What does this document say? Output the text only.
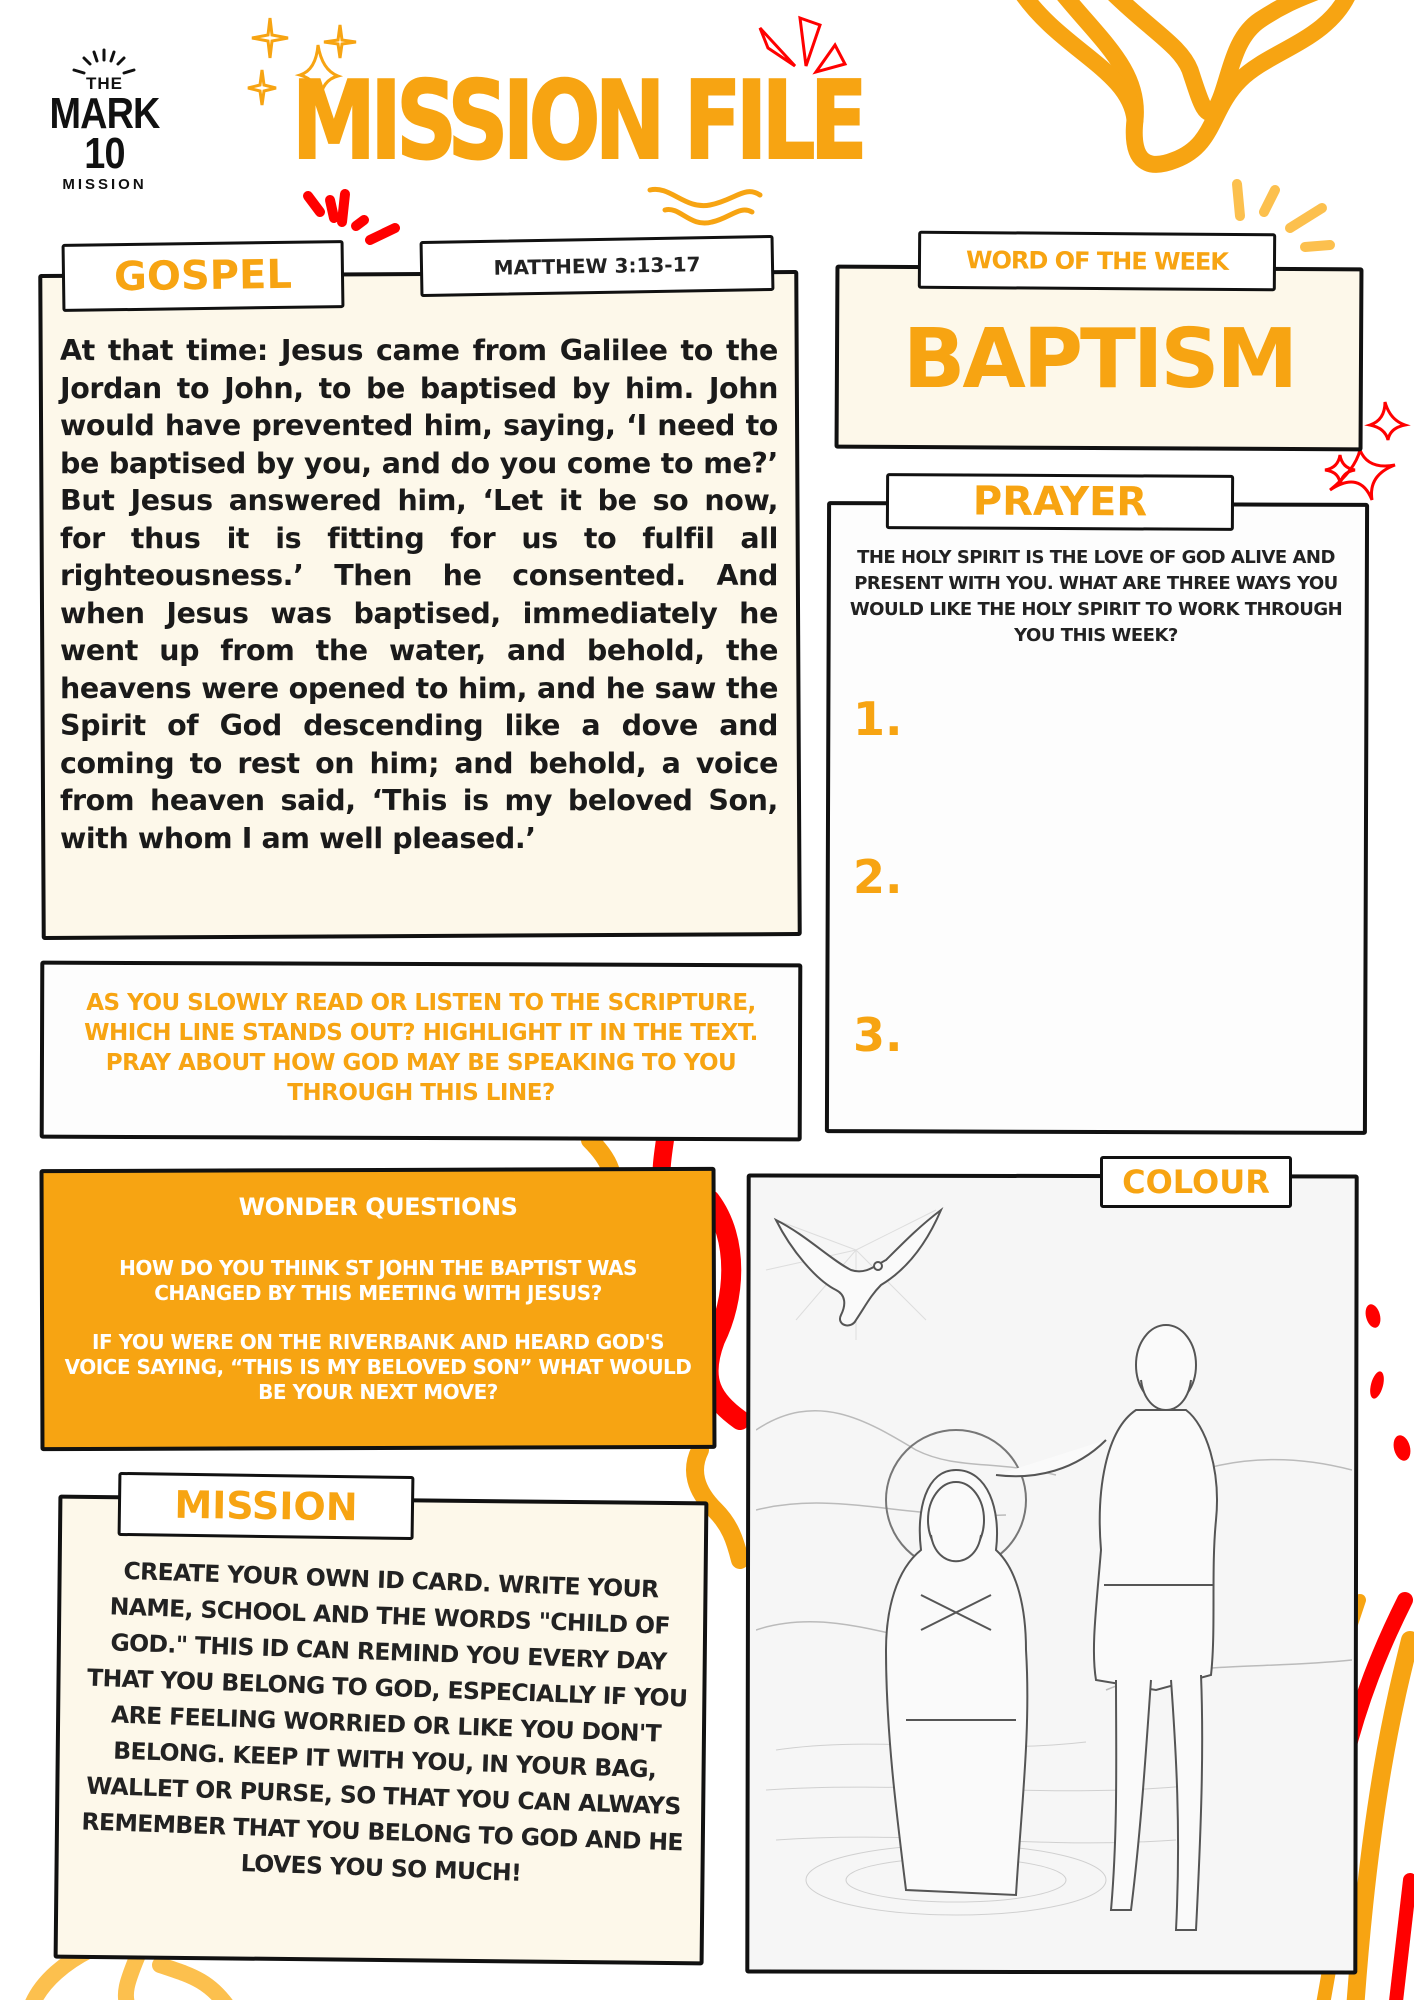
THE
MARK 10
MISSION
MISSION FILE
GOSPEL	MATTHEW 3:13-17
At that time: Jesus came from Galilee to the Jordan to John, to be baptised by him. John would have prevented him, saying, ‘I need to be baptised by you, and do you come to me?’ But Jesus answered him, ‘Let it be so now, for thus it is fitting for us to fulfil all righteousness.’ Then he consented. And when Jesus was baptised, immediately he went up from the water, and behold, the heavens were opened to him, and he saw the Spirit of God descending like a dove and coming to rest on him; and behold, a voice from heaven said, ‘This is my beloved Son, with whom I am well pleased.’
AS YOU SLOWLY READ OR LISTEN TO THE SCRIPTURE, WHICH LINE STANDS OUT? HIGHLIGHT IT IN THE TEXT. PRAY ABOUT HOW GOD MAY BE SPEAKING TO YOU THROUGH THIS LINE?
WORD OF THE WEEK
BAPTISM
PRAYER
THE HOLY SPIRIT IS THE LOVE OF GOD ALIVE AND PRESENT WITH YOU. WHAT ARE THREE WAYS YOU WOULD LIKE THE HOLY SPIRIT TO WORK THROUGH YOU THIS WEEK?
1.
2.
3.
WONDER QUESTIONS
HOW DO YOU THINK ST JOHN THE BAPTIST WAS CHANGED BY THIS MEETING WITH JESUS?
IF YOU WERE ON THE RIVERBANK AND HEARD GOD'S VOICE SAYING, “THIS IS MY BELOVED SON” WHAT WOULD BE YOUR NEXT MOVE?
MISSION
CREATE YOUR OWN ID CARD. WRITE YOUR NAME, SCHOOL AND THE WORDS "CHILD OF GOD." THIS ID CAN REMIND YOU EVERY DAY THAT YOU BELONG TO GOD, ESPECIALLY IF YOU ARE FEELING WORRIED OR LIKE YOU DON'T BELONG. KEEP IT WITH YOU, IN YOUR BAG, WALLET OR PURSE, SO THAT YOU CAN ALWAYS REMEMBER THAT YOU BELONG TO GOD AND HE LOVES YOU SO MUCH!
COLOUR
